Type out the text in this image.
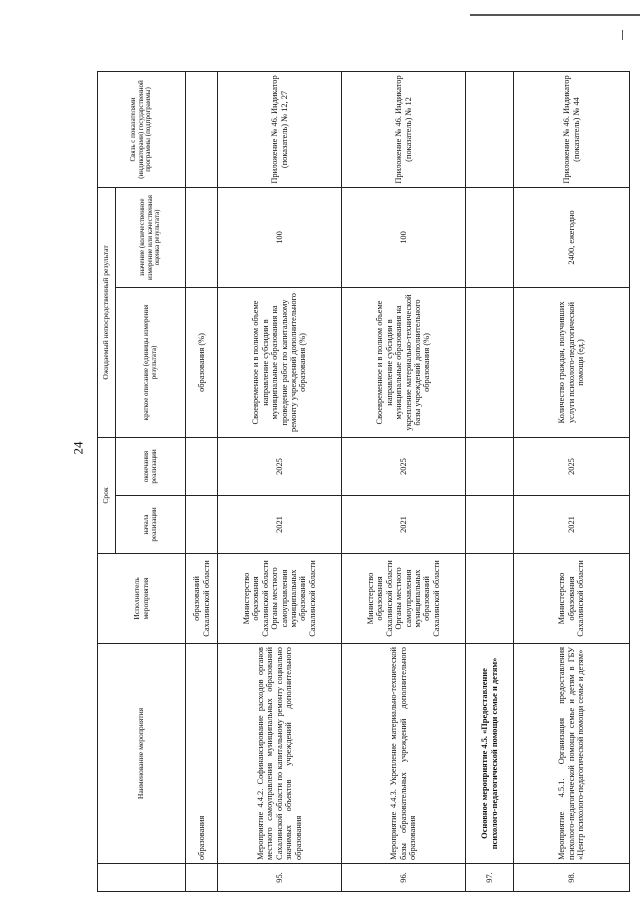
24
	Наименование мероприятия	Исполнитель мероприятия	Срок		Ожидаемый непосредственный результат		Связь с показателями (индикаторами) государственной программы (подпрограммы)
			начала реализации	окончания реализации	краткое описание (единицы измерения результата)	значение (количественное измерение или качественная оценка результата)	
	образования	образований Сахалинской области			образования (%)		
95.	Мероприятие 4.4.2. Софинансирование расходов органов местного самоуправления муниципальных образований Сахалинской области по капитальному ремонту социально значимых объектов учреждений дополнительного образования	Министерство образования Сахалинской области Органы местного самоуправления муниципальных образований Сахалинской области	2021	2025	Своевременное и в полном объеме направление субсидии в муниципальные образования на проведение работ по капитальному ремонту учреждений дополнительного образования (%)	100	Приложение № 46. Индикатор (показатель) № 12, 27
96.	Мероприятие 4.4.3. Укрепление материально-технической базы образовательных учреждений дополнительного образования	Министерство образования Сахалинской области Органы местного самоуправления муниципальных образований Сахалинской области	2021	2025	Своевременное и в полном объеме направление субсидии в муниципальные образования на укрепление материально-технической базы учреждений дополнительного образования (%)	100	Приложение № 46. Индикатор (показатель) № 12
97.	Основное мероприятие 4.5. «Предоставление психолого-педагогической помощи семье и детям»						
98.	Мероприятие 4.5.1. Организация предоставления психолого-педагогической помощи семье и детям в ГБУ «Центр психолого-педагогической помощи семье и детям»	Министерство образования Сахалинской области	2021	2025	Количество граждан, получивших услуги психолого-педагогической помощи (ед.)	2400, ежегодно	Приложение № 46. Индикатор (показатель) № 44
